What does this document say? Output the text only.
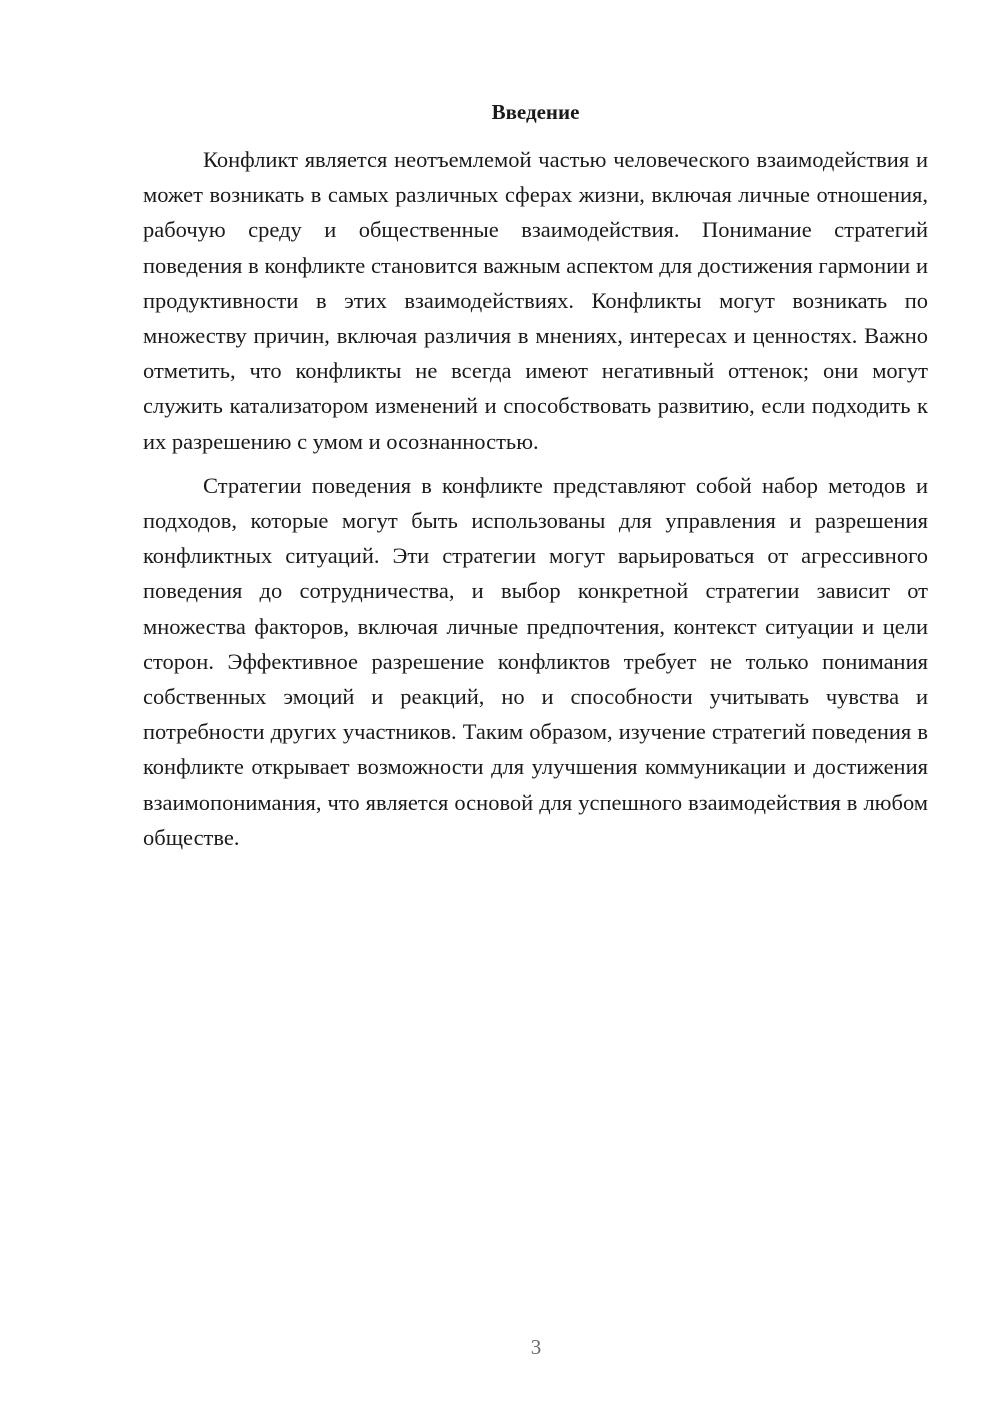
Введение

Конфликт является неотъемлемой частью человеческого взаимодействия и может возникать в самых различных сферах жизни, включая личные отношения, рабочую среду и общественные взаимодействия. Понимание стратегий поведения в конфликте становится важным аспектом для достижения гармонии и продуктивности в этих взаимодействиях. Конфликты могут возникать по множеству причин, включая различия в мнениях, интересах и ценностях. Важно отметить, что конфликты не всегда имеют негативный оттенок; они могут служить катализатором изменений и способствовать развитию, если подходить к их разрешению с умом и осознанностью.

Стратегии поведения в конфликте представляют собой набор методов и подходов, которые могут быть использованы для управления и разрешения конфликтных ситуаций. Эти стратегии могут варьироваться от агрессивного поведения до сотрудничества, и выбор конкретной стратегии зависит от множества факторов, включая личные предпочтения, контекст ситуации и цели сторон. Эффективное разрешение конфликтов требует не только понимания собственных эмоций и реакций, но и способности учитывать чувства и потребности других участников. Таким образом, изучение стратегий поведения в конфликте открывает возможности для улучшения коммуникации и достижения взаимопонимания, что является основой для успешного взаимодействия в любом обществе.

3
